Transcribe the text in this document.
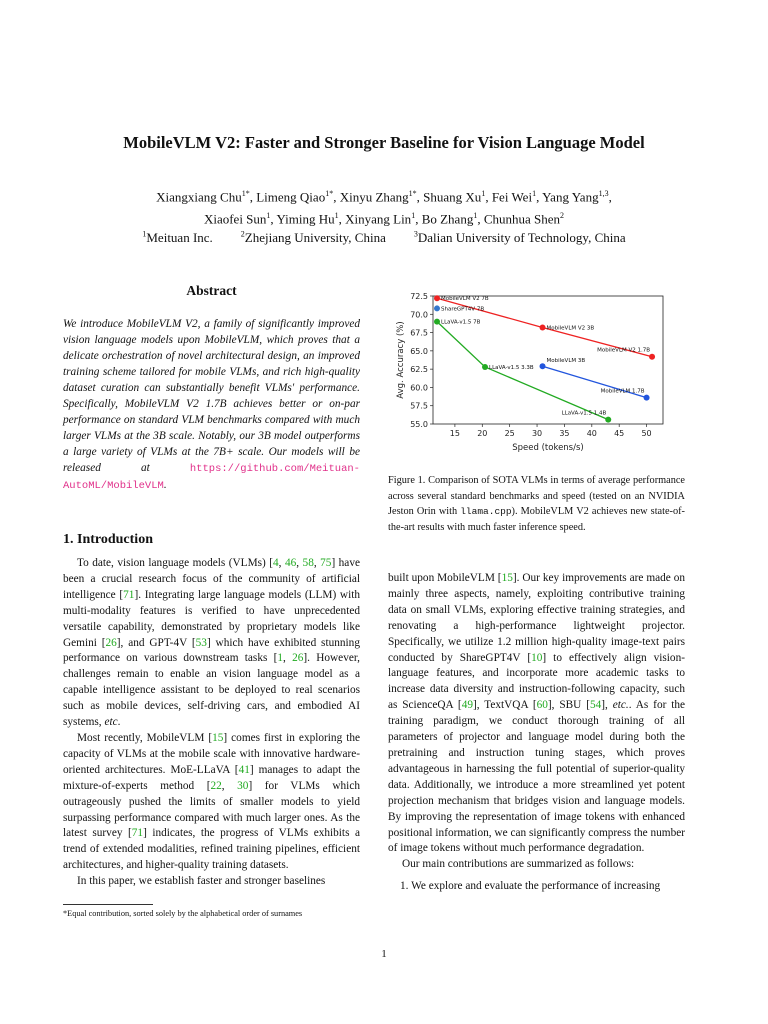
MobileVLM V2: Faster and Stronger Baseline for Vision Language Model
Xiangxiang Chu$^{1*}$, Limeng Qiao$^{1*}$, Xinyu Zhang$^{1*}$, Shuang Xu$^1$, Fei Wei$^1$, Yang Yang$^{1,3}$,
Xiaofei Sun$^1$, Yiming Hu$^1$, Xinyang Lin$^1$, Bo Zhang$^1$, Chunhua Shen$^2$
$^1$Meituan Inc.	$^2$Zhejiang University, China	$^3$Dalian University of Technology, China
Abstract
We introduce MobileVLM V2, a family of significantly improved vision language models upon MobileVLM, which proves that a delicate orchestration of novel architectural design, an improved training scheme tailored for mobile VLMs, and rich high-quality dataset curation can substantially benefit VLMs' performance. Specifically, MobileVLM V2 1.7B achieves better or on-par performance on standard VLM benchmarks compared with much larger VLMs at the 3B scale. Notably, our 3B model outperforms a large variety of VLMs at the 7B+ scale. Our models will be released at https://github.com/Meituan-AutoML/MobileVLM.
1. Introduction

To date, vision language models (VLMs) [4, 46, 58, 75] have been a crucial research focus of the community of artificial intelligence [71]. Integrating large language models (LLM) with multi-modality features is verified to have unprecedented versatile capability, demonstrated by proprietary models like Gemini [26], and GPT-4V [53] which have exhibited stunning performance on various downstream tasks [1, 26]. However, challenges remain to enable an vision language model as a capable intelligence assistant to be deployed to real scenarios such as mobile devices, self-driving cars, and embodied AI systems, etc.

Most recently, MobileVLM [15] comes first in exploring the capacity of VLMs at the mobile scale with innovative hardware-oriented architectures. MoE-LLaVA [41] manages to adapt the mixture-of-experts method [22, 30] for VLMs which outrageously pushed the limits of smaller models to yield surpassing performance compared with much larger ones. As the latest survey [71] indicates, the progress of VLMs exhibits a trend of extended modalities, refined training pipelines, efficient architectures, and higher-quality training datasets.

In this paper, we establish faster and stronger baselines

*Equal contribution, sorted solely by the alphabetical order of surnames
15 20 25 30 35 40 45 50
55.0
57.5
60.0
62.5
65.0
67.5
70.0
72.5
Speed (tokens/s)
Avg. Accuracy (%)
MobileVLM V2 7B
MobileVLM V2 3B
MobileVLM V2 1.7B
MobileVLM 3B
MobileVLM 1.7B
LLaVA-v1.5 7B
LLaVA-v1.5 3.3B
LLaVA-v1.5 1.4B
ShareGPT4V 7B
Figure 1. Comparison of SOTA VLMs in terms of average performance across several standard benchmarks and speed (tested on an NVIDIA Jeston Orin with llama.cpp). MobileVLM V2 achieves new state-of-the-art results with much faster inference speed.

built upon MobileVLM [15]. Our key improvements are made on mainly three aspects, namely, exploiting contributive training data on small VLMs, exploring effective training strategies, and renovating a high-performance lightweight projector. Specifically, we utilize 1.2 million high-quality image-text pairs conducted by ShareGPT4V [10] to effectively align vision-language features, and incorporate more academic tasks to increase data diversity and instruction-following capacity, such as ScienceQA [49], TextVQA [60], SBU [54], etc.. As for the training paradigm, we conduct thorough training of all parameters of projector and language model during both the pretraining and instruction tuning stages, which proves advantageous in harnessing the full potential of superior-quality data. Additionally, we introduce a more streamlined yet potent projection mechanism that bridges vision and language models. By improving the representation of image tokens with enhanced positional information, we can significantly compress the number of image tokens without much performance degradation.

Our main contributions are summarized as follows:

1. We explore and evaluate the performance of increasing

1
